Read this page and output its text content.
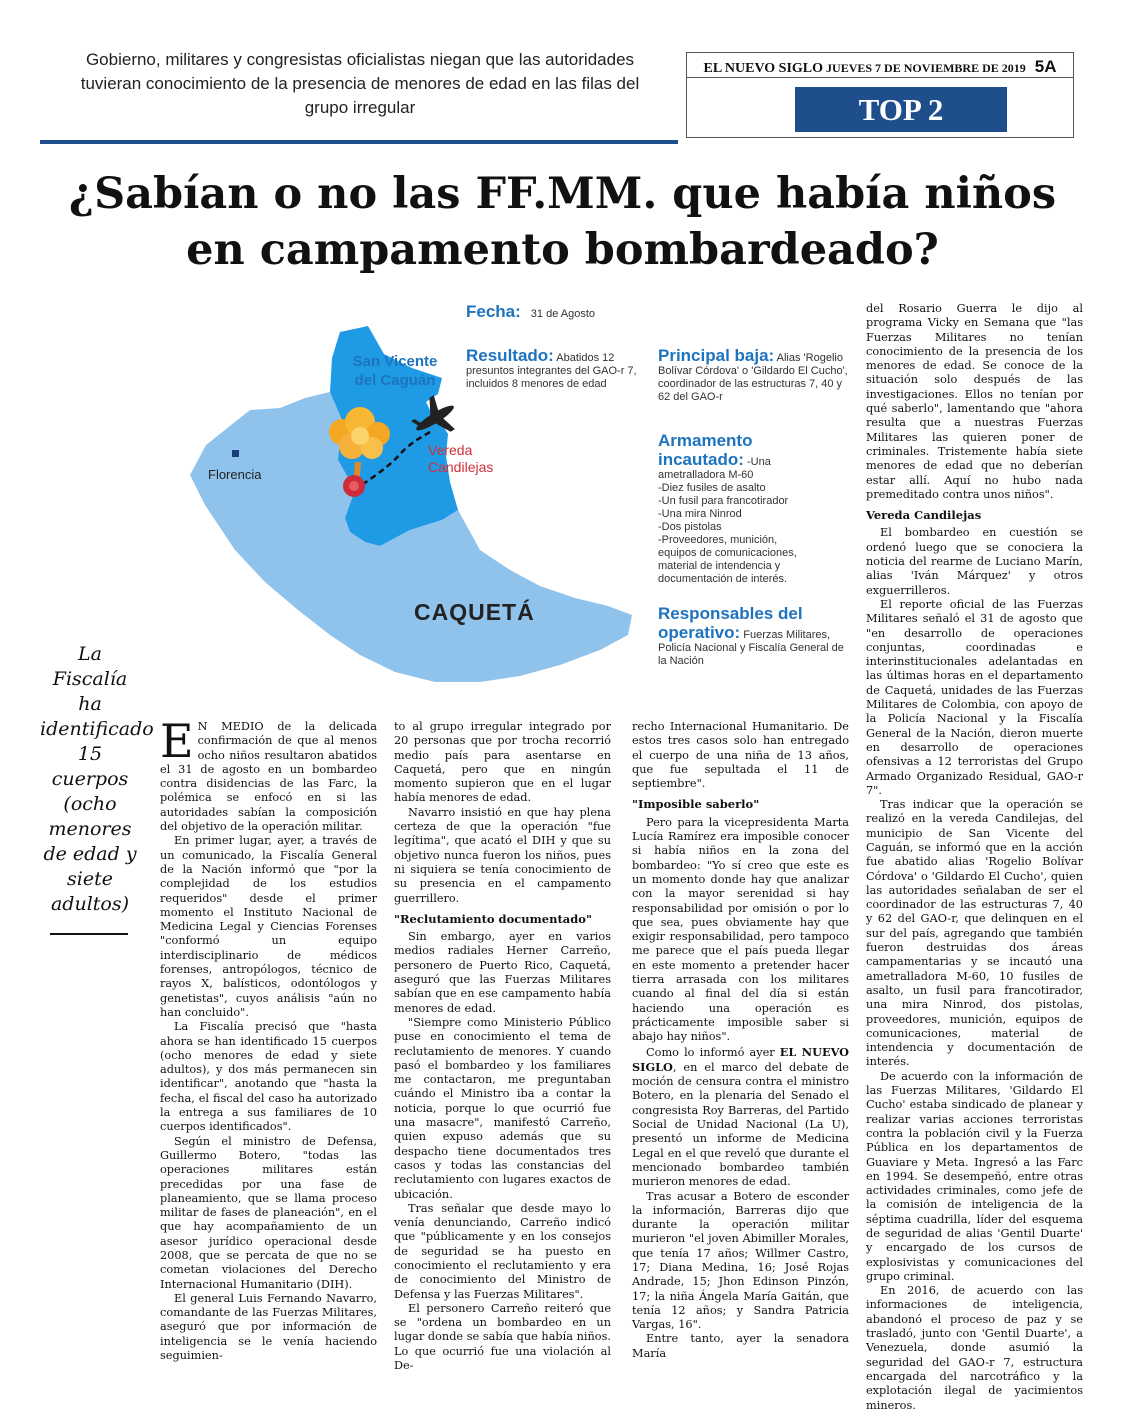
Gobierno, militares y congresistas oficialistas niegan que las autoridades tuvieran conocimiento de la presencia de menores de edad en las filas del grupo irregular
EL NUEVO SIGLO JUEVES 7 DE NOVIEMBRE DE 2019 5A
TOP 2
¿Sabían o no las FF.MM. que había niños
en campamento bombardeado?
San Vicente del Caguán
Vereda Candilejas
Florencia
CAQUETÁ
Fecha: 31 de Agosto
Resultado: Abatidos 12 presuntos integrantes del GAO-r 7, incluidos 8 menores de edad
Principal baja: Alias 'Rogelio Bolívar Córdova' o 'Gildardo El Cucho', coordinador de las estructuras 7, 40 y 62 del GAO-r
Armamento
incautado: -Una
ametralladora M-60
-Diez fusiles de asalto
-Un fusil para francotirador
-Una mira Ninrod
-Dos pistolas
-Proveedores, munición,
equipos de comunicaciones,
material de intendencia y
documentación de interés.
Responsables del operativo: Fuerzas Militares, Policía Nacional y Fiscalía General de la Nación
La Fiscalía ha identificado 15 cuerpos (ocho menores de edad y siete adultos)

E N MEDIO de la delicada confirmación de que al menos ocho niños resultaron abatidos el 31 de agosto en un bombardeo contra disidencias de las Farc, la polémica se enfocó en si las autoridades sabían la composición del objetivo de la operación militar.

En primer lugar, ayer, a través de un comunicado, la Fiscalía General de la Nación informó que "por la complejidad de los estudios requeridos" desde el primer momento el Instituto Nacional de Medicina Legal y Ciencias Forenses "conformó un equipo interdisciplinario de médicos forenses, antropólogos, técnico de rayos X, balísticos, odontólogos y genetistas", cuyos análisis "aún no han concluido".

La Fiscalía precisó que "hasta ahora se han identificado 15 cuerpos (ocho menores de edad y siete adultos), y dos más permanecen sin identificar", anotando que "hasta la fecha, el fiscal del caso ha autorizado la entrega a sus familiares de 10 cuerpos identificados".

Según el ministro de Defensa, Guillermo Botero, "todas las operaciones militares están precedidas por una fase de planeamiento, que se llama proceso militar de fases de planeación", en el que hay acompañamiento de un asesor jurídico operacional desde 2008, que se percata de que no se cometan violaciones del Derecho Internacional Humanitario (DIH).

El general Luis Fernando Navarro, comandante de las Fuerzas Militares, aseguró que por información de inteligencia se le venía haciendo seguimien-

to al grupo irregular integrado por 20 personas que por trocha recorrió medio país para asentarse en Caquetá, pero que en ningún momento supieron que en el lugar había menores de edad.

Navarro insistió en que hay plena certeza de que la operación "fue legítima", que acató el DIH y que su objetivo nunca fueron los niños, pues ni siquiera se tenía conocimiento de su presencia en el campamento guerrillero.

"Reclutamiento documentado"

Sin embargo, ayer en varios medios radiales Herner Carreño, personero de Puerto Rico, Caquetá, aseguró que las Fuerzas Militares sabían que en ese campamento había menores de edad.

"Siempre como Ministerio Público puse en conocimiento el tema de reclutamiento de menores. Y cuando pasó el bombardeo y los familiares me contactaron, me preguntaban cuándo el Ministro iba a contar la noticia, porque lo que ocurrió fue una masacre", manifestó Carreño, quien expuso además que su despacho tiene documentados tres casos y todas las constancias del reclutamiento con lugares exactos de ubicación.

Tras señalar que desde mayo lo venía denunciando, Carreño indicó que "públicamente y en los consejos de seguridad se ha puesto en conocimiento el reclutamiento y era de conocimiento del Ministro de Defensa y las Fuerzas Militares".

El personero Carreño reiteró que se "ordena un bombardeo en un lugar donde se sabía que había niños. Lo que ocurrió fue una violación al De-

recho Internacional Humanitario. De estos tres casos solo han entregado el cuerpo de una niña de 13 años, que fue sepultada el 11 de septiembre".

"Imposible saberlo"

Pero para la vicepresidenta Marta Lucía Ramírez era imposible conocer si había niños en la zona del bombardeo: "Yo sí creo que este es un momento donde hay que analizar con la mayor serenidad si hay responsabilidad por omisión o por lo que sea, pues obviamente hay que exigir responsabilidad, pero tampoco me parece que el país pueda llegar en este momento a pretender hacer tierra arrasada con los militares cuando al final del día si están haciendo una operación es prácticamente imposible saber si abajo hay niños".

Como lo informó ayer EL NUEVO SIGLO, en el marco del debate de moción de censura contra el ministro Botero, en la plenaria del Senado el congresista Roy Barreras, del Partido Social de Unidad Nacional (La U), presentó un informe de Medicina Legal en el que reveló que durante el mencionado bombardeo también murieron menores de edad.

Tras acusar a Botero de esconder la información, Barreras dijo que durante la operación militar murieron "el joven Abimiller Morales, que tenía 17 años; Willmer Castro, 17; Diana Medina, 16; José Rojas Andrade, 15; Jhon Edinson Pinzón, 17; la niña Ángela María Gaitán, que tenía 12 años; y Sandra Patricia Vargas, 16".

Entre tanto, ayer la senadora María

del Rosario Guerra le dijo al programa Vicky en Semana que "las Fuerzas Militares no tenían conocimiento de la presencia de los menores de edad. Se conoce de la situación solo después de las investigaciones. Ellos no tenían por qué saberlo", lamentando que "ahora resulta que a nuestras Fuerzas Militares las quieren poner de criminales. Tristemente había siete menores de edad que no deberían estar allí. Aquí no hubo nada premeditado contra unos niños".

Vereda Candilejas

El bombardeo en cuestión se ordenó luego que se conociera la noticia del rearme de Luciano Marín, alias 'Iván Márquez' y otros exguerrilleros.

El reporte oficial de las Fuerzas Militares señaló el 31 de agosto que "en desarrollo de operaciones conjuntas, coordinadas e interinstitucionales adelantadas en las últimas horas en el departamento de Caquetá, unidades de las Fuerzas Militares de Colombia, con apoyo de la Policía Nacional y la Fiscalía General de la Nación, dieron muerte en desarrollo de operaciones ofensivas a 12 terroristas del Grupo Armado Organizado Residual, GAO-r 7".

Tras indicar que la operación se realizó en la vereda Candilejas, del municipio de San Vicente del Caguán, se informó que en la acción fue abatido alias 'Rogelio Bolívar Córdova' o 'Gildardo El Cucho', quien las autoridades señalaban de ser el coordinador de las estructuras 7, 40 y 62 del GAO-r, que delinquen en el sur del país, agregando que también fueron destruidas dos áreas campamentarias y se incautó una ametralladora M-60, 10 fusiles de asalto, un fusil para francotirador, una mira Ninrod, dos pistolas, proveedores, munición, equipos de comunicaciones, material de intendencia y documentación de interés.

De acuerdo con la información de las Fuerzas Militares, 'Gildardo El Cucho' estaba sindicado de planear y realizar varias acciones terroristas contra la población civil y la Fuerza Pública en los departamentos de Guaviare y Meta. Ingresó a las Farc en 1994. Se desempeñó, entre otras actividades criminales, como jefe de la comisión de inteligencia de la séptima cuadrilla, líder del esquema de seguridad de alias 'Gentil Duarte' y encargado de los cursos de explosivistas y comunicaciones del grupo criminal.

En 2016, de acuerdo con las informaciones de inteligencia, abandonó el proceso de paz y se trasladó, junto con 'Gentil Duarte', a Venezuela, donde asumió la seguridad del GAO-r 7, estructura encargada del narcotráfico y la explotación ilegal de yacimientos mineros.
